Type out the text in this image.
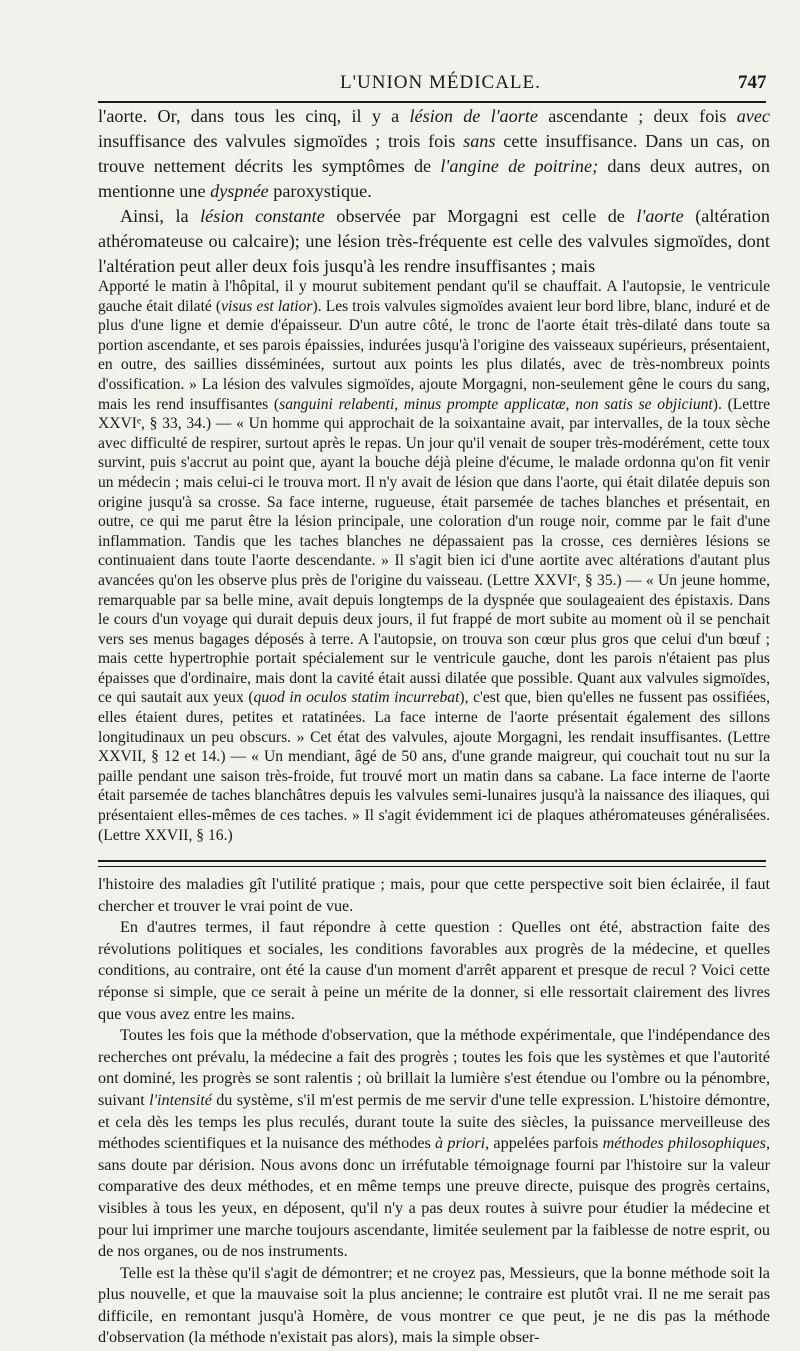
L'UNION MÉDICALE.	747

l'aorte. Or, dans tous les cinq, il y a lésion de l'aorte ascendante ; deux fois avec insuffisance des valvules sigmoïdes ; trois fois sans cette insuffisance. Dans un cas, on trouve nettement décrits les symptômes de l'angine de poitrine; dans deux autres, on mentionne une dyspnée paroxystique.

Ainsi, la lésion constante observée par Morgagni est celle de l'aorte (altération athéromateuse ou calcaire); une lésion très-fréquente est celle des valvules sigmoïdes, dont l'altération peut aller deux fois jusqu'à les rendre insuffisantes ; mais

Apporté le matin à l'hôpital, il y mourut subitement pendant qu'il se chauffait. A l'autopsie, le ventricule gauche était dilaté (visus est latior). Les trois valvules sigmoïdes avaient leur bord libre, blanc, induré et de plus d'une ligne et demie d'épaisseur. D'un autre côté, le tronc de l'aorte était très-dilaté dans toute sa portion ascendante, et ses parois épaissies, indurées jusqu'à l'origine des vaisseaux supérieurs, présentaient, en outre, des saillies disséminées, surtout aux points les plus dilatés, avec de très-nombreux points d'ossification. » La lésion des valvules sigmoïdes, ajoute Morgagni, non-seulement gêne le cours du sang, mais les rend insuffisantes (sanguini relabenti, minus prompte applicatæ, non satis se objiciunt). (Lettre XXVIᵉ, § 33, 34.) — « Un homme qui approchait de la soixantaine avait, par intervalles, de la toux sèche avec difficulté de respirer, surtout après le repas. Un jour qu'il venait de souper très-modérément, cette toux survint, puis s'accrut au point que, ayant la bouche déjà pleine d'écume, le malade ordonna qu'on fit venir un médecin ; mais celui-ci le trouva mort. Il n'y avait de lésion que dans l'aorte, qui était dilatée depuis son origine jusqu'à sa crosse. Sa face interne, rugueuse, était parsemée de taches blanches et présentait, en outre, ce qui me parut être la lésion principale, une coloration d'un rouge noir, comme par le fait d'une inflammation. Tandis que les taches blanches ne dépassaient pas la crosse, ces dernières lésions se continuaient dans toute l'aorte descendante. » Il s'agit bien ici d'une aortite avec altérations d'autant plus avancées qu'on les observe plus près de l'origine du vaisseau. (Lettre XXVIᵉ, § 35.) — « Un jeune homme, remarquable par sa belle mine, avait depuis longtemps de la dyspnée que soulageaient des épistaxis. Dans le cours d'un voyage qui durait depuis deux jours, il fut frappé de mort subite au moment où il se penchait vers ses menus bagages déposés à terre. A l'autopsie, on trouva son cœur plus gros que celui d'un bœuf ; mais cette hypertrophie portait spécialement sur le ventricule gauche, dont les parois n'étaient pas plus épaisses que d'ordinaire, mais dont la cavité était aussi dilatée que possible. Quant aux valvules sigmoïdes, ce qui sautait aux yeux (quod in oculos statim incurrebat), c'est que, bien qu'elles ne fussent pas ossifiées, elles étaient dures, petites et ratatinées. La face interne de l'aorte présentait également des sillons longitudinaux un peu obscurs. » Cet état des valvules, ajoute Morgagni, les rendait insuffisantes. (Lettre XXVII, § 12 et 14.) — « Un mendiant, âgé de 50 ans, d'une grande maigreur, qui couchait tout nu sur la paille pendant une saison très-froide, fut trouvé mort un matin dans sa cabane. La face interne de l'aorte était parsemée de taches blanchâtres depuis les valvules semi-lunaires jusqu'à la naissance des iliaques, qui présentaient elles-mêmes de ces taches. » Il s'agit évidemment ici de plaques athéromateuses généralisées. (Lettre XXVII, § 16.)

l'histoire des maladies gît l'utilité pratique ; mais, pour que cette perspective soit bien éclairée, il faut chercher et trouver le vrai point de vue.

En d'autres termes, il faut répondre à cette question : Quelles ont été, abstraction faite des révolutions politiques et sociales, les conditions favorables aux progrès de la médecine, et quelles conditions, au contraire, ont été la cause d'un moment d'arrêt apparent et presque de recul ? Voici cette réponse si simple, que ce serait à peine un mérite de la donner, si elle ressortait clairement des livres que vous avez entre les mains.

Toutes les fois que la méthode d'observation, que la méthode expérimentale, que l'indépendance des recherches ont prévalu, la médecine a fait des progrès ; toutes les fois que les systèmes et que l'autorité ont dominé, les progrès se sont ralentis ; où brillait la lumière s'est étendue ou l'ombre ou la pénombre, suivant l'intensité du système, s'il m'est permis de me servir d'une telle expression. L'histoire démontre, et cela dès les temps les plus reculés, durant toute la suite des siècles, la puissance merveilleuse des méthodes scientifiques et la nuisance des méthodes à priori, appelées parfois méthodes philosophiques, sans doute par dérision. Nous avons donc un irréfutable témoignage fourni par l'histoire sur la valeur comparative des deux méthodes, et en même temps une preuve directe, puisque des progrès certains, visibles à tous les yeux, en déposent, qu'il n'y a pas deux routes à suivre pour étudier la médecine et pour lui imprimer une marche toujours ascendante, limitée seulement par la faiblesse de notre esprit, ou de nos organes, ou de nos instruments.

Telle est la thèse qu'il s'agit de démontrer; et ne croyez pas, Messieurs, que la bonne méthode soit la plus nouvelle, et que la mauvaise soit la plus ancienne; le contraire est plutôt vrai. Il ne me serait pas difficile, en remontant jusqu'à Homère, de vous montrer ce que peut, je ne dis pas la méthode d'observation (la méthode n'existait pas alors), mais la simple obser-
